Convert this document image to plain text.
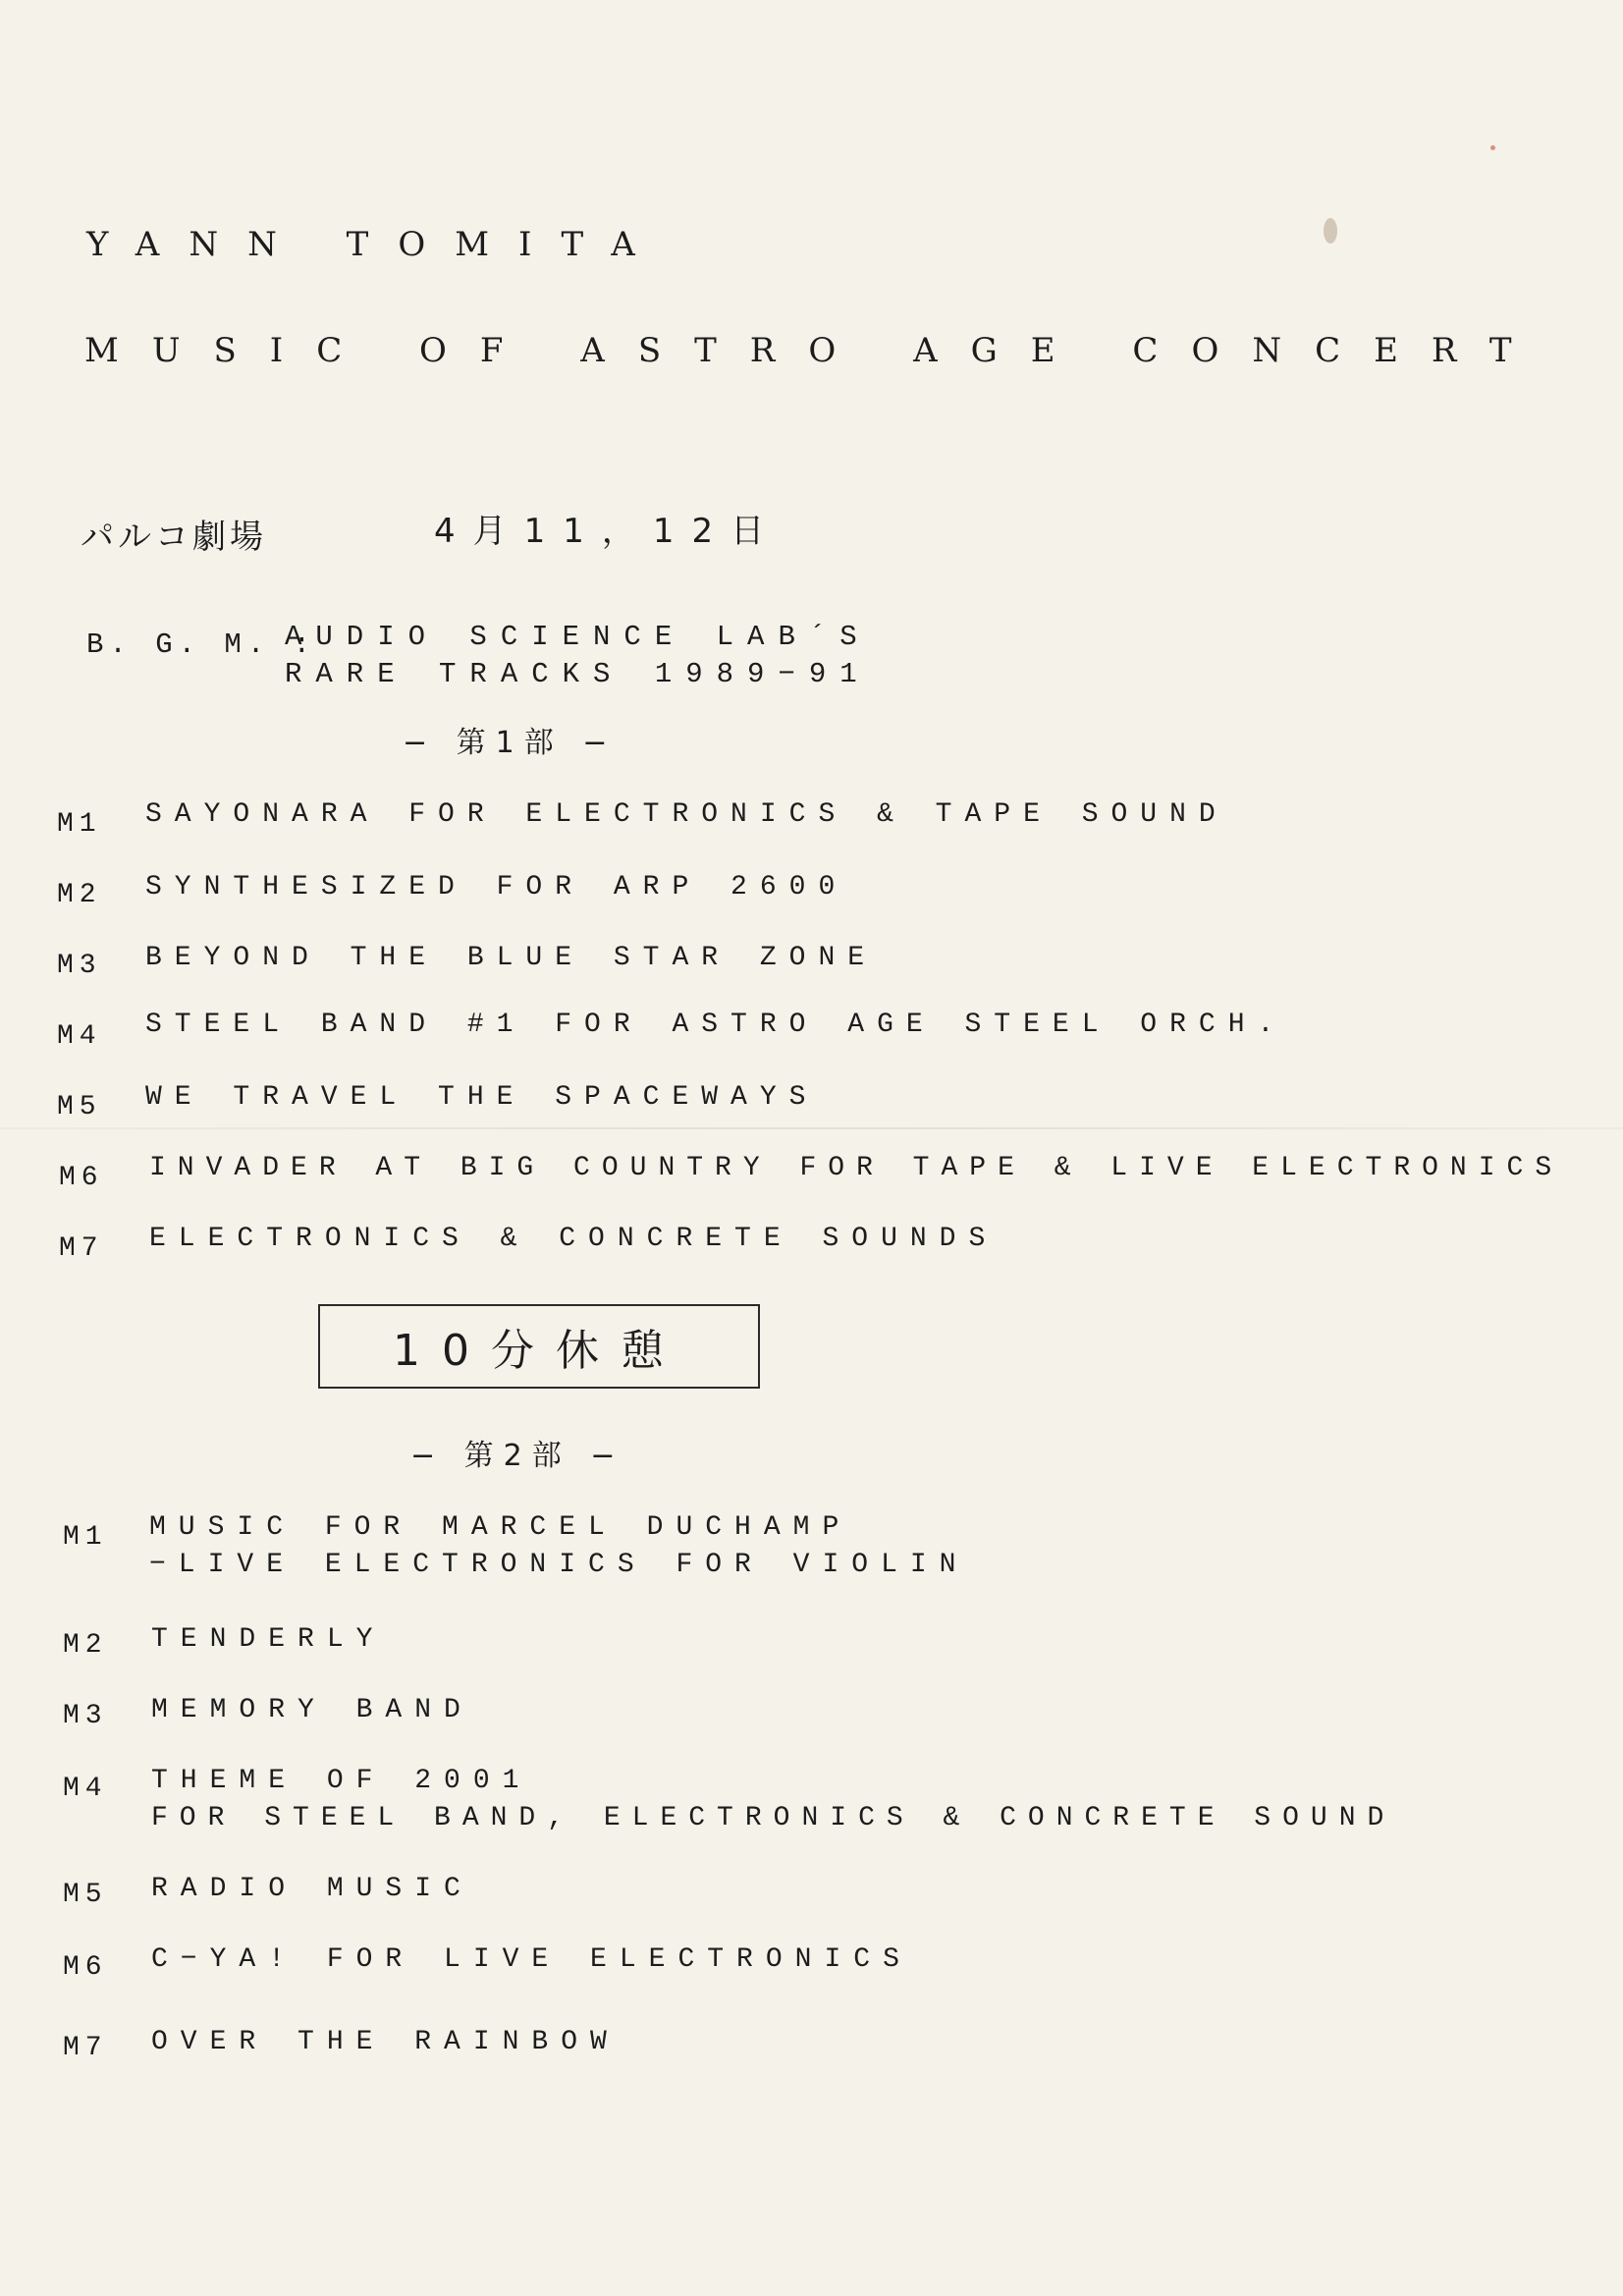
YANN TOMITA
MUSIC OF ASTRO AGE CONCERT
パルコ劇場	4月11，12日
B. G. M. :
AUDIO SCIENCE LAB´S
RARE TRACKS 1989−91
− 第1部 −
M1 SAYONARA FOR ELECTRONICS & TAPE SOUND
M2 SYNTHESIZED FOR ARP 2600
M3 BEYOND THE BLUE STAR ZONE
M4 STEEL BAND #1 FOR ASTRO AGE STEEL ORCH.
M5 WE TRAVEL THE SPACEWAYS
M6 INVADER AT BIG COUNTRY FOR TAPE & LIVE ELECTRONICS
M7 ELECTRONICS & CONCRETE SOUNDS
10分休憩
− 第2部 −
M1 MUSIC FOR MARCEL DUCHAMP
−LIVE ELECTRONICS FOR VIOLIN
M2 TENDERLY
M3 MEMORY BAND
M4 THEME OF 2001
FOR STEEL BAND, ELECTRONICS & CONCRETE SOUND
M5 RADIO MUSIC
M6 C−YA! FOR LIVE ELECTRONICS
M7 OVER THE RAINBOW
